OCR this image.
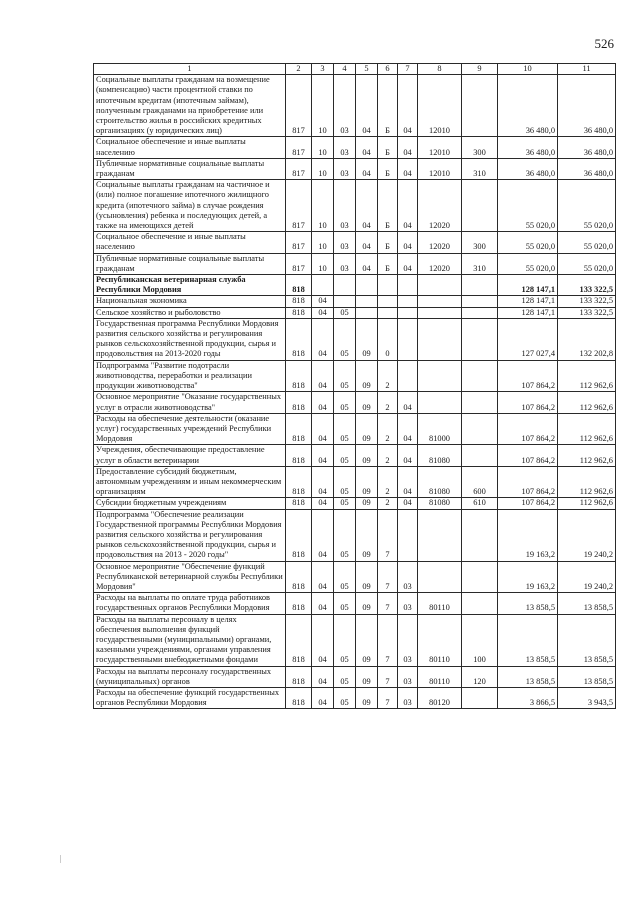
526
1	2	3	4	5	6	7	8	9	10	11
Социальные выплаты гражданам на возмещение (компенсацию) части процентной ставки по ипотечным кредитам (ипотечным займам), полученным гражданами на приобретение или строительство жилья в российских кредитных организациях (у юридических лиц)	817	10	03	04	Б	04	12010		36 480,0	36 480,0
Социальное обеспечение и иные выплаты населению	817	10	03	04	Б	04	12010	300	36 480,0	36 480,0
Публичные нормативные социальные выплаты гражданам	817	10	03	04	Б	04	12010	310	36 480,0	36 480,0
Социальные выплаты гражданам на частичное и (или) полное погашение ипотечного жилищного кредита (ипотечного займа) в случае рождения (усыновления) ребенка и последующих детей, а также на имеющихся детей	817	10	03	04	Б	04	12020		55 020,0	55 020,0
Социальное обеспечение и иные выплаты населению	817	10	03	04	Б	04	12020	300	55 020,0	55 020,0
Публичные нормативные социальные выплаты гражданам	817	10	03	04	Б	04	12020	310	55 020,0	55 020,0
Республиканская ветеринарная служба Республики Мордовия	818								128 147,1	133 322,5
Национальная экономика	818	04							128 147,1	133 322,5
Сельское хозяйство и рыболовство	818	04	05						128 147,1	133 322,5
Государственная программа Республики Мордовия развития сельского хозяйства и регулирования рынков сельскохозяйственной продукции, сырья и продовольствия на 2013-2020 годы	818	04	05	09	0				127 027,4	132 202,8
Подпрограмма "Развитие подотрасли животноводства, переработки и реализации продукции животноводства"	818	04	05	09	2				107 864,2	112 962,6
Основное мероприятие "Оказание государственных услуг в отрасли животноводства"	818	04	05	09	2	04			107 864,2	112 962,6
Расходы на обеспечение деятельности (оказание услуг) государственных учреждений Республики Мордовия	818	04	05	09	2	04	81000		107 864,2	112 962,6
Учреждения, обеспечивающие предоставление услуг в области ветеринарии	818	04	05	09	2	04	81080		107 864,2	112 962,6
Предоставление субсидий бюджетным, автономным учреждениям и иным некоммерческим организациям	818	04	05	09	2	04	81080	600	107 864,2	112 962,6
Субсидии бюджетным учреждениям	818	04	05	09	2	04	81080	610	107 864,2	112 962,6
Подпрограмма "Обеспечение реализации Государственной программы Республики Мордовия развития сельского хозяйства и регулирования рынков сельскохозяйственной продукции, сырья и продовольствия на 2013 - 2020 годы"	818	04	05	09	7				19 163,2	19 240,2
Основное мероприятие "Обеспечение функций Республиканской ветеринарной службы Республики Мордовия"	818	04	05	09	7	03			19 163,2	19 240,2
Расходы на выплаты по оплате труда работников государственных органов Республики Мордовия	818	04	05	09	7	03	80110		13 858,5	13 858,5
Расходы на выплаты персоналу в целях обеспечения выполнения функций государственными (муниципальными) органами, казенными учреждениями, органами управления государственными внебюджетными фондами	818	04	05	09	7	03	80110	100	13 858,5	13 858,5
Расходы на выплаты персоналу государственных (муниципальных) органов	818	04	05	09	7	03	80110	120	13 858,5	13 858,5
Расходы на обеспечение функций государственных органов Республики Мордовия	818	04	05	09	7	03	80120		3 866,5	3 943,5
